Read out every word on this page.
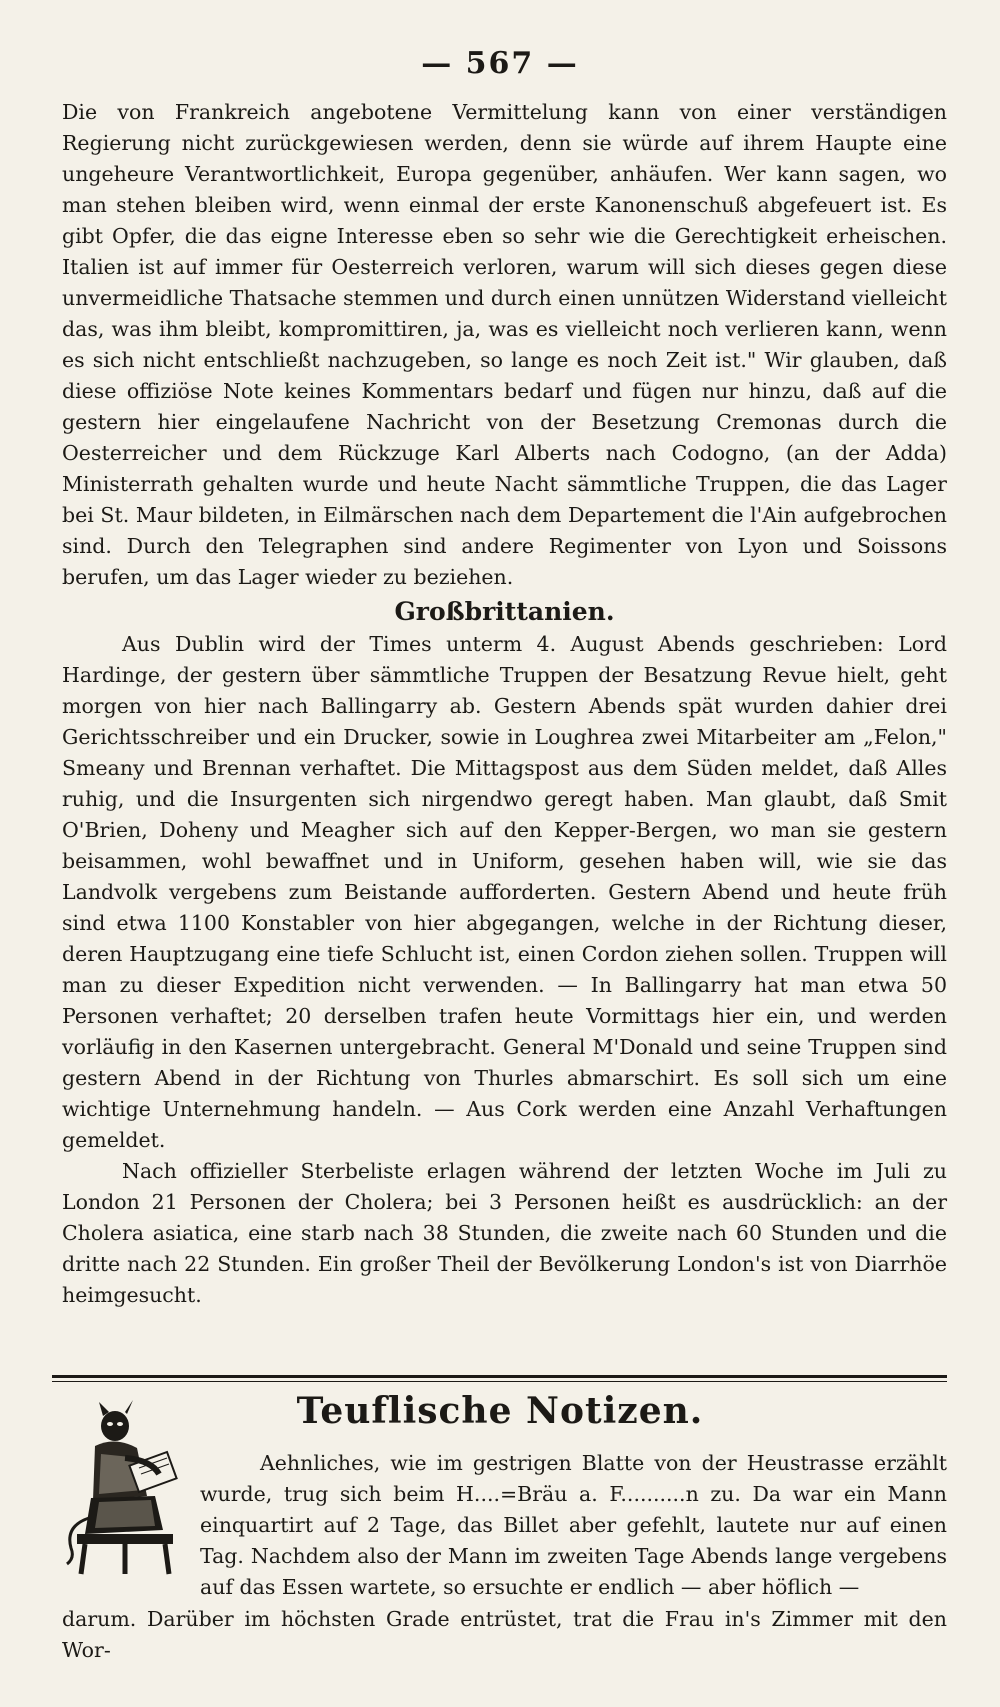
— 567 —

Die von Frankreich angebotene Vermittelung kann von einer verständigen Regierung nicht zurückgewiesen werden, denn sie würde auf ihrem Haupte eine ungeheure Verantwortlichkeit, Europa gegenüber, anhäufen. Wer kann sagen, wo man stehen bleiben wird, wenn einmal der erste Kanonenschuß abgefeuert ist. Es gibt Opfer, die das eigne Interesse eben so sehr wie die Gerechtigkeit erheischen. Italien ist auf immer für Oesterreich verloren, warum will sich dieses gegen diese unvermeidliche Thatsache stemmen und durch einen unnützen Widerstand vielleicht das, was ihm bleibt, kompromittiren, ja, was es vielleicht noch verlieren kann, wenn es sich nicht entschließt nachzugeben, so lange es noch Zeit ist." Wir glauben, daß diese offiziöse Note keines Kommentars bedarf und fügen nur hinzu, daß auf die gestern hier eingelaufene Nachricht von der Besetzung Cremonas durch die Oesterreicher und dem Rückzuge Karl Alberts nach Codogno, (an der Adda) Ministerrath gehalten wurde und heute Nacht sämmtliche Truppen, die das Lager bei St. Maur bildeten, in Eilmärschen nach dem Departement die l'Ain aufgebrochen sind. Durch den Telegraphen sind andere Regimenter von Lyon und Soissons berufen, um das Lager wieder zu beziehen.

Großbrittanien.

Aus Dublin wird der Times unterm 4. August Abends geschrieben: Lord Hardinge, der gestern über sämmtliche Truppen der Besatzung Revue hielt, geht morgen von hier nach Ballingarry ab. Gestern Abends spät wurden dahier drei Gerichtsschreiber und ein Drucker, sowie in Loughrea zwei Mitarbeiter am „Felon," Smeany und Brennan verhaftet. Die Mittagspost aus dem Süden meldet, daß Alles ruhig, und die Insurgenten sich nirgendwo geregt haben. Man glaubt, daß Smit O'Brien, Doheny und Meagher sich auf den Kepper-Bergen, wo man sie gestern beisammen, wohl bewaffnet und in Uniform, gesehen haben will, wie sie das Landvolk vergebens zum Beistande aufforderten. Gestern Abend und heute früh sind etwa 1100 Konstabler von hier abgegangen, welche in der Richtung dieser, deren Hauptzugang eine tiefe Schlucht ist, einen Cordon ziehen sollen. Truppen will man zu dieser Expedition nicht verwenden. — In Ballingarry hat man etwa 50 Personen verhaftet; 20 derselben trafen heute Vormittags hier ein, und werden vorläufig in den Kasernen untergebracht. General M'Donald und seine Truppen sind gestern Abend in der Richtung von Thurles abmarschirt. Es soll sich um eine wichtige Unternehmung handeln. — Aus Cork werden eine Anzahl Verhaftungen gemeldet.

Nach offizieller Sterbeliste erlagen während der letzten Woche im Juli zu London 21 Personen der Cholera; bei 3 Personen heißt es ausdrücklich: an der Cholera asiatica, eine starb nach 38 Stunden, die zweite nach 60 Stunden und die dritte nach 22 Stunden. Ein großer Theil der Bevölkerung London's ist von Diarrhöe heimgesucht.

Teuflische Notizen.

Aehnliches, wie im gestrigen Blatte von der Heustrasse erzählt wurde, trug sich beim H....=Bräu a. F..........n zu. Da war ein Mann einquartirt auf 2 Tage, das Billet aber gefehlt, lautete nur auf einen Tag. Nachdem also der Mann im zweiten Tage Abends lange vergebens auf das Essen wartete, so ersuchte er endlich — aber höflich —

darum. Darüber im höchsten Grade entrüstet, trat die Frau in's Zimmer mit den Wor-
